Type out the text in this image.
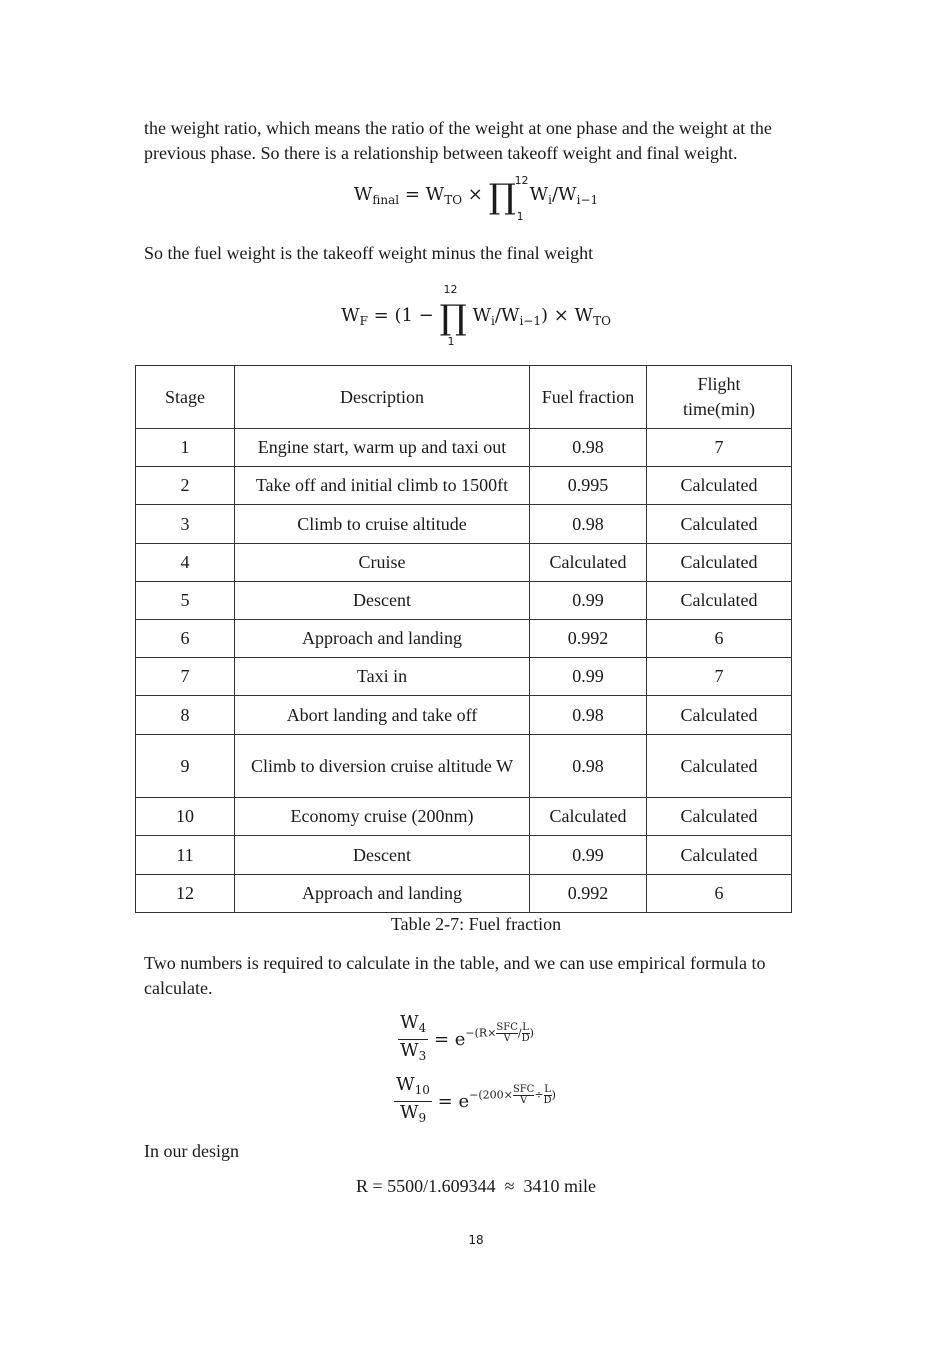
the weight ratio, which means the ratio of the weight at one phase and the weight at the previous phase. So there is a relationship between takeoff weight and final weight.
$W_{final} = W_{TO}$ × ∏
12
1
$W_i/W_{i-1}$
So the fuel weight is the takeoff weight minus the final weight
$W_F = (1$ − ∏
12
1
$W_i/W_{i-1}) \times W_{TO}$
Stage	Description	Fuel fraction	Flight time(min)
1	Engine start, warm up and taxi out	0.98	7
2	Take off and initial climb to 1500ft	0.995	Calculated
3	Climb to cruise altitude	0.98	Calculated
4	Cruise	Calculated	Calculated
5	Descent	0.99	Calculated
6	Approach and landing	0.992	6
7	Taxi in	0.99	7
8	Abort landing and take off	0.98	Calculated
9	Climb to diversion cruise altitude W	0.98	Calculated
10	Economy cruise (200nm)	Calculated	Calculated
11	Descent	0.99	Calculated
12	Approach and landing	0.992	6
Table 2-7: Fuel fraction
Two numbers is required to calculate in the table, and we can use empirical formula to calculate.
$\frac{W_4}{W_3} = e-(R\times \frac{\text{SFC}}{V} / \frac{L}{D}$ )
$\frac{W_{10}}{W_9} = e-(200\times \frac{\text{SFC}}{V} \div \frac{L}{D}$ )
In our design
R = 5500/1.609344  ≈  3410 mile
18
